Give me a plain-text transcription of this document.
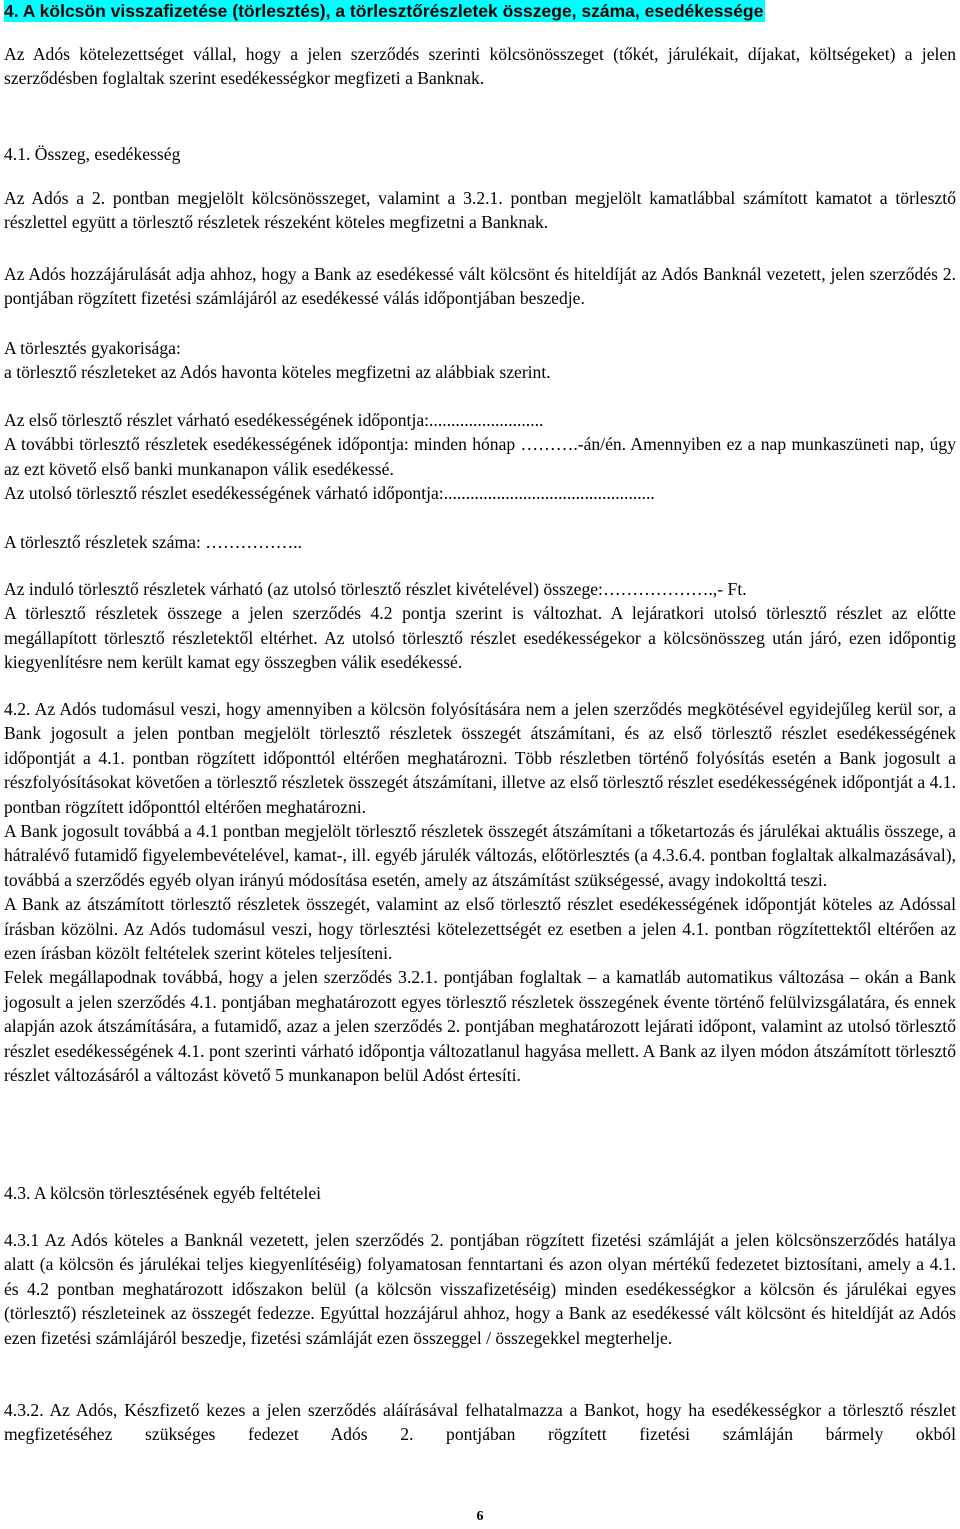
4. A kölcsön visszafizetése (törlesztés), a törlesztőrészletek összege, száma, esedékessége

Az Adós kötelezettséget vállal, hogy a jelen szerződés szerinti kölcsönösszeget (tőkét, járulékait, díjakat, költségeket) a jelen szerződésben foglaltak szerint esedékességkor megfizeti a Banknak.

4.1. Összeg, esedékesség

Az Adós a 2. pontban megjelölt kölcsönösszeget, valamint a 3.2.1. pontban megjelölt kamatlábbal számított kamatot a törlesztő részlettel együtt a törlesztő részletek részeként köteles megfizetni a Banknak.

Az Adós hozzájárulását adja ahhoz, hogy a Bank az esedékessé vált kölcsönt és hiteldíját az Adós Banknál vezetett, jelen szerződés 2. pontjában rögzített fizetési számlájáról az esedékessé válás időpontjában beszedje.

A törlesztés gyakorisága:

a törlesztő részleteket az Adós havonta köteles megfizetni az alábbiak szerint.

Az első törlesztő részlet várható esedékességének időpontja:..........................

A további törlesztő részletek esedékességének időpontja: minden hónap ……….-án/én. Amennyiben ez a nap munkaszüneti nap, úgy az ezt követő első banki munkanapon válik esedékessé.

Az utolsó törlesztő részlet esedékességének várható időpontja:................................................

A törlesztő részletek száma: ……………..

Az induló törlesztő részletek várható (az utolsó törlesztő részlet kivételével) összege:……………….,- Ft.

A törlesztő részletek összege a jelen szerződés 4.2 pontja szerint is változhat. A lejáratkori utolsó törlesztő részlet az előtte megállapított törlesztő részletektől eltérhet. Az utolsó törlesztő részlet esedékességekor a kölcsönösszeg után járó, ezen időpontig kiegyenlítésre nem került kamat egy összegben válik esedékessé.

4.2. Az Adós tudomásul veszi, hogy amennyiben a kölcsön folyósítására nem a jelen szerződés megkötésével egyidejűleg kerül sor, a Bank jogosult a jelen pontban megjelölt törlesztő részletek összegét átszámítani, és az első törlesztő részlet esedékességének időpontját a 4.1. pontban rögzített időponttól eltérően meghatározni. Több részletben történő folyósítás esetén a Bank jogosult a részfolyósításokat követően a törlesztő részletek összegét átszámítani, illetve az első törlesztő részlet esedékességének időpontját a 4.1. pontban rögzített időponttól eltérően meghatározni.

A Bank jogosult továbbá a 4.1 pontban megjelölt törlesztő részletek összegét átszámítani a tőketartozás és járulékai aktuális összege, a hátralévő futamidő figyelembevételével, kamat-, ill. egyéb járulék változás, előtörlesztés (a 4.3.6.4. pontban foglaltak alkalmazásával), továbbá a szerződés egyéb olyan irányú módosítása esetén, amely az átszámítást szükségessé, avagy indokolttá teszi.

A Bank az átszámított törlesztő részletek összegét, valamint az első törlesztő részlet esedékességének időpontját köteles az Adóssal írásban közölni. Az Adós tudomásul veszi, hogy törlesztési kötelezettségét ez esetben a jelen 4.1. pontban rögzítettektől eltérően az ezen írásban közölt feltételek szerint köteles teljesíteni.

Felek megállapodnak továbbá, hogy a jelen szerződés 3.2.1. pontjában foglaltak – a kamatláb automatikus változása – okán a Bank jogosult a jelen szerződés 4.1. pontjában meghatározott egyes törlesztő részletek összegének évente történő felülvizsgálatára, és ennek alapján azok átszámítására, a futamidő, azaz a jelen szerződés 2. pontjában meghatározott lejárati időpont, valamint az utolsó törlesztő részlet esedékességének 4.1. pont szerinti várható időpontja változatlanul hagyása mellett. A Bank az ilyen módon átszámított törlesztő részlet változásáról a változást követő 5 munkanapon belül Adóst értesíti.

4.3. A kölcsön törlesztésének egyéb feltételei

4.3.1 Az Adós köteles a Banknál vezetett, jelen szerződés 2. pontjában rögzített fizetési számláját a jelen kölcsönszerződés hatálya alatt (a kölcsön és járulékai teljes kiegyenlítéséig) folyamatosan fenntartani és azon olyan mértékű fedezetet biztosítani, amely a 4.1. és 4.2 pontban meghatározott időszakon belül (a kölcsön visszafizetéséig) minden esedékességkor a kölcsön és járulékai egyes (törlesztő) részleteinek az összegét fedezze. Egyúttal hozzájárul ahhoz, hogy a Bank az esedékessé vált kölcsönt és hiteldíját az Adós ezen fizetési számlájáról beszedje, fizetési számláját ezen összeggel / összegekkel megterhelje.

4.3.2. Az Adós, Készfizető kezes a jelen szerződés aláírásával felhatalmazza a Bankot, hogy ha esedékességkor a törlesztő részlet megfizetéséhez szükséges fedezet Adós 2. pontjában rögzített fizetési számláján bármely okból

6
